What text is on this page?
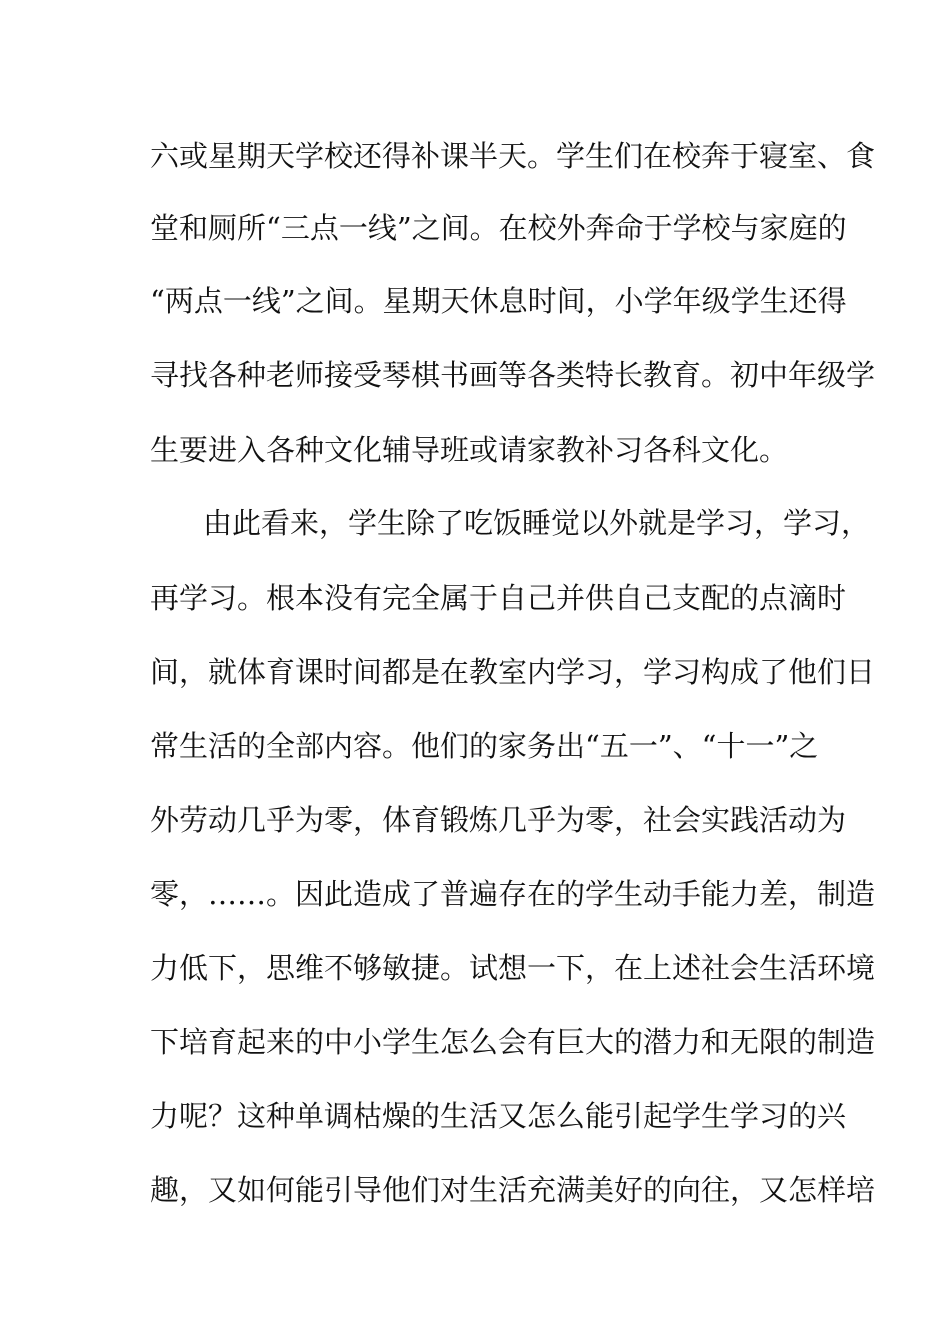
六或星期天学校还得补课半天。学生们在校奔于寝室、食
堂和厕所“三点一线”之间。在校外奔命于学校与家庭的
“两点一线”之间。星期天休息时间，小学年级学生还得
寻找各种老师接受琴棋书画等各类特长教育。初中年级学
生要进入各种文化辅导班或请家教补习各科文化。
由此看来，学生除了吃饭睡觉以外就是学习，学习，
再学习。根本没有完全属于自己并供自己支配的点滴时
间，就体育课时间都是在教室内学习，学习构成了他们日
常生活的全部内容。他们的家务出“五一”、“十一”之
外劳动几乎为零，体育锻炼几乎为零，社会实践活动为
零，……。因此造成了普遍存在的学生动手能力差，制造
力低下，思维不够敏捷。试想一下，在上述社会生活环境
下培育起来的中小学生怎么会有巨大的潜力和无限的制造
力呢？这种单调枯燥的生活又怎么能引起学生学习的兴
趣，又如何能引导他们对生活充满美好的向往，又怎样培
